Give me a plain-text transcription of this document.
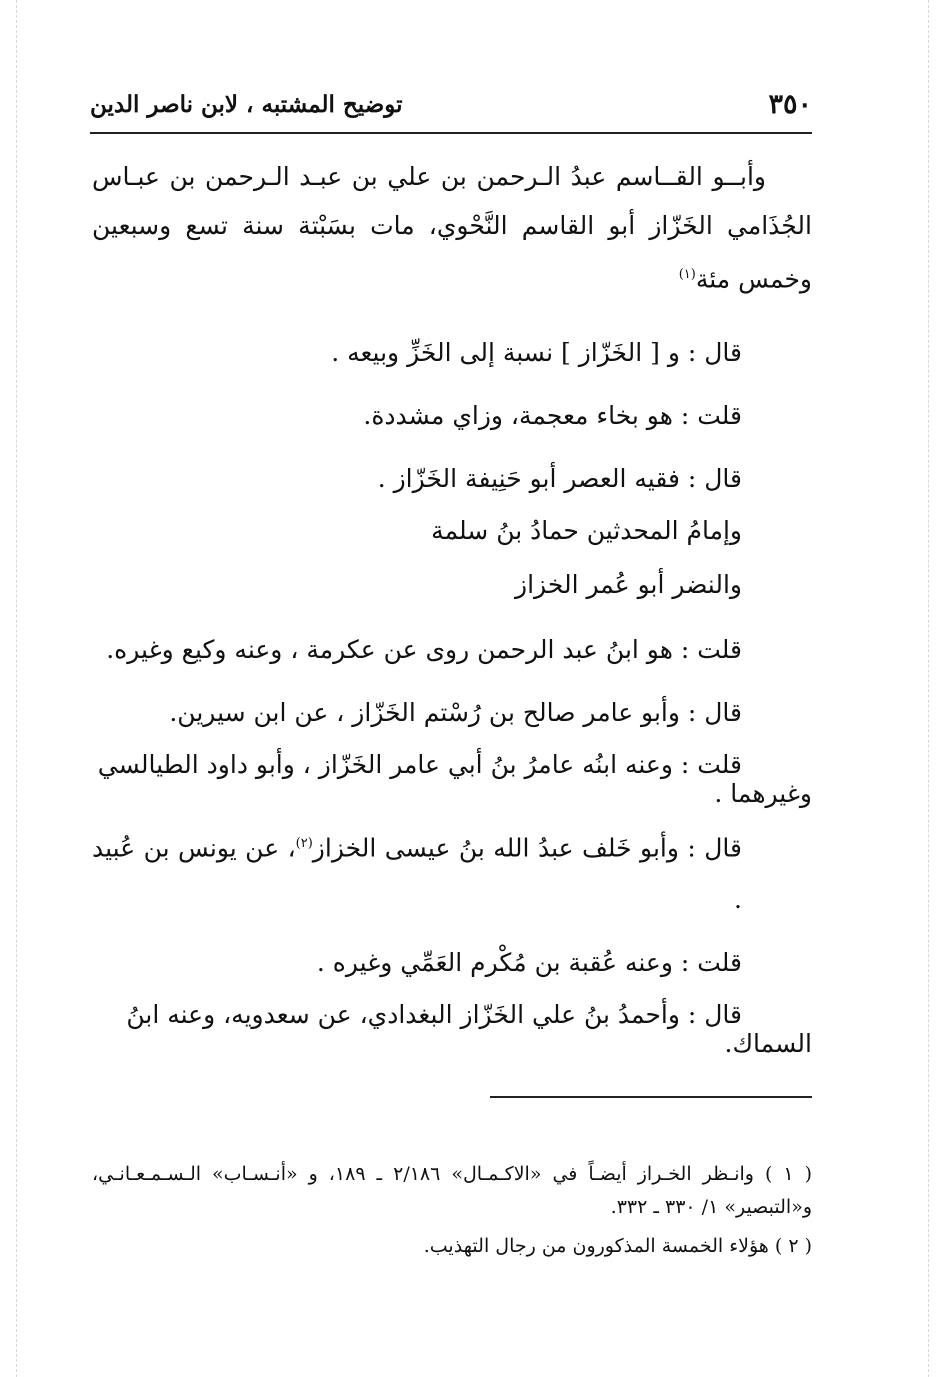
٣٥٠
توضيح المشتبه ، لابن ناصر الدين

وأبــو القــاسم عبدُ الـرحمن بن علي بن عبـد الـرحمن بن عبـاس الجُذَامي الخَزّاز أبو القاسم النَّحْوي، مات بسَبْتة سنة تسع وسبعين وخمس مئة$^{(١)}$

قال : و [ الخَزّاز ] نسبة إلى الخَزِّ وبيعه .

قلت : هو بخاء معجمة، وزاي مشددة.

قال : فقيه العصر أبو حَنِيفة الخَزّاز .

وإمامُ المحدثين حمادُ بنُ سلمة

والنضر أبو عُمر الخزاز

قلت : هو ابنُ عبد الرحمن روى عن عكرمة ، وعنه وكيع وغيره.

قال : وأبو عامر صالح بن رُسْتم الخَزّاز ، عن ابن سيرين.

قلت : وعنه ابنُه عامرُ بنُ أبي عامر الخَزّاز ، وأبو داود الطيالسي
وغيرهما .

قال : وأبو خَلف عبدُ الله بنُ عيسى الخزاز$^{(٢)}$، عن يونس بن عُبيد .

قلت : وعنه عُقبة بن مُكْرم العَمِّي وغيره .

قال : وأحمدُ بنُ علي الخَزّاز البغدادي، عن سعدويه، وعنه ابنُ
السماك.

( ١ ) وانـظر الخـراز أيضـاً في «الاكـمـال» ٢/١٨٦ ـ ١٨٩، و «أنـسـاب» الـسـمـعـانـي، و«التبصير» ١/ ٣٣٠ ـ ٣٣٢.

( ٢ ) هؤلاء الخمسة المذكورون من رجال التهذيب.
